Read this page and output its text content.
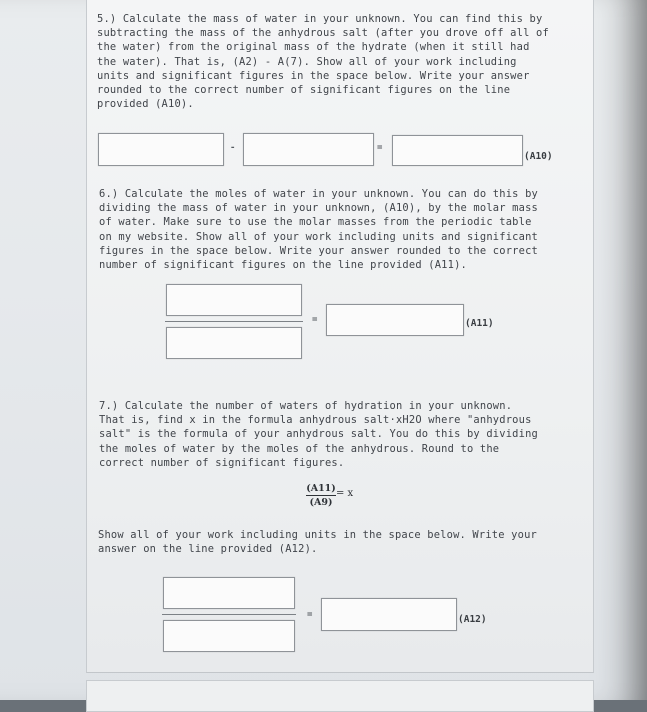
5.) Calculate the mass of water in your unknown. You can find this by
subtracting the mass of the anhydrous salt (after you drove off all of
the water) from the original mass of the hydrate (when it still had
the water). That is, (A2) - A(7). Show all of your work including
units and significant figures in the space below. Write your answer
rounded to the correct number of significant figures on the line
provided (A10).
-	=
(A10)
6.) Calculate the moles of water in your unknown. You can do this by
dividing the mass of water in your unknown, (A10), by the molar mass
of water. Make sure to use the molar masses from the periodic table
on my website. Show all of your work including units and significant
figures in the space below. Write your answer rounded to the correct
number of significant figures on the line provided (A11).
=	(A11)
7.) Calculate the number of waters of hydration in your unknown.
That is, find x in the formula anhydrous salt·xH2O where "anhydrous
salt" is the formula of your anhydrous salt. You do this by dividing
the moles of water by the moles of the anhydrous. Round to the
correct number of significant figures.
(A11)
(A9)
= x
Show all of your work including units in the space below. Write your
answer on the line provided (A12).
=	(A12)
